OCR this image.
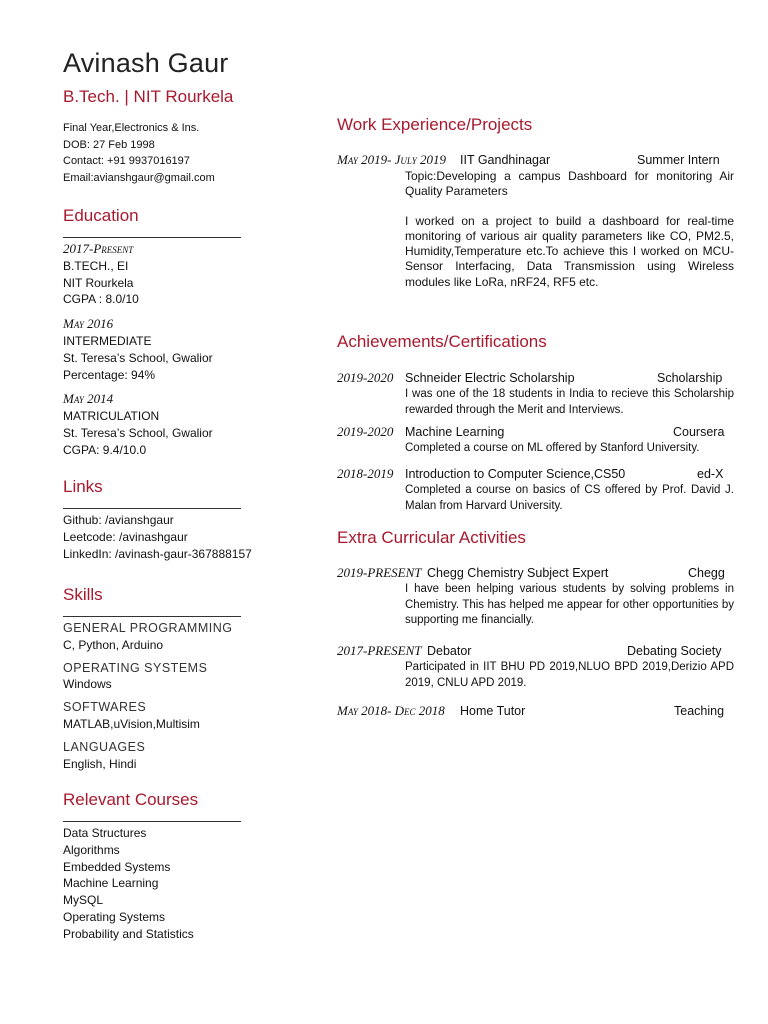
Avinash Gaur
B.Tech. | NIT Rourkela
Final Year,Electronics & Ins.
DOB: 27 Feb 1998
Contact: +91 9937016197
Email:avianshgaur@gmail.com
Education
2017-Present
B.TECH., EI
NIT Rourkela
CGPA : 8.0/10
May 2016
INTERMEDIATE
St. Teresa’s School, Gwalior
Percentage: 94%
May 2014
MATRICULATION
St. Teresa’s School, Gwalior
CGPA: 9.4/10.0
Links
Github: /avianshgaur
Leetcode: /avinashgaur
LinkedIn: /avinash-gaur-367888157
Skills
GENERAL PROGRAMMING
C, Python, Arduino
OPERATING SYSTEMS
Windows
SOFTWARES
MATLAB,uVision,Multisim
LANGUAGES
English, Hindi
Relevant Courses
Data Structures
Algorithms
Embedded Systems
Machine Learning
MySQL
Operating Systems
Probability and Statistics
Work Experience/Projects
May 2019- July 2019 IIT Gandhinagar	Summer Intern
Topic:Developing a campus Dashboard for monitoring Air Quality Parameters
I worked on a project to build a dashboard for real-time monitoring of various air quality parameters like CO, PM2.5, Humidity,Temperature etc.To achieve this I worked on MCU-Sensor Interfacing, Data Transmission using Wireless modules like LoRa, nRF24, RF5 etc.
Achievements/Certifications
2019-2020 Schneider Electric Scholarship	Scholarship
I was one of the 18 students in India to recieve this Scholarship rewarded through the Merit and Interviews.
2019-2020 Machine Learning	Coursera
Completed a course on ML offered by Stanford University.
2018-2019 Introduction to Computer Science,CS50	ed-X
Completed a course on basics of CS offered by Prof. David J. Malan from Harvard University.
Extra Curricular Activities
2019-PRESENT Chegg Chemistry Subject Expert	Chegg
I have been helping various students by solving problems in Chemistry. This has helped me appear for other opportunities by supporting me financially.
2017-PRESENT Debator	Debating Society
Participated in IIT BHU PD 2019,NLUO BPD 2019,Derizio APD 2019, CNLU APD 2019.
May 2018- Dec 2018 Home Tutor	Teaching
